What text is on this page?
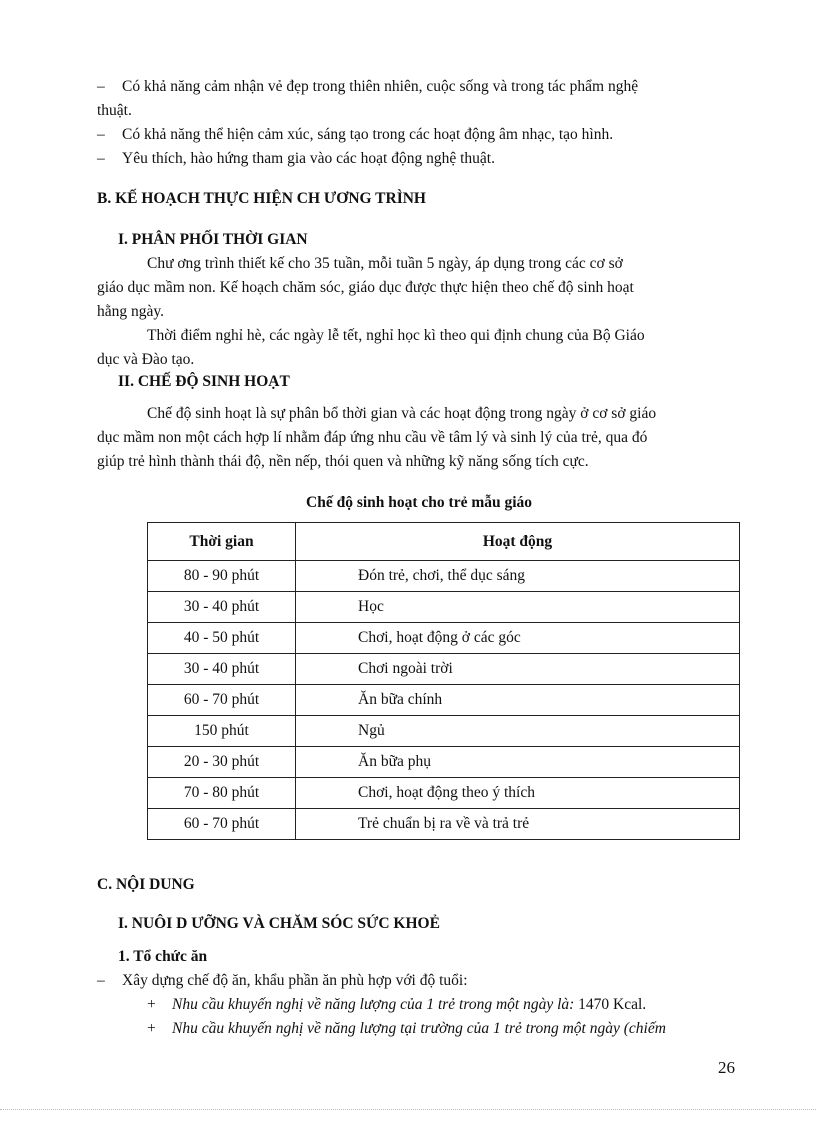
– Có khả năng cảm nhận vẻ đẹp trong thiên nhiên, cuộc sống và trong tác phẩm nghệ
thuật.
– Có khả năng thể hiện cảm xúc, sáng tạo trong các hoạt động âm nhạc, tạo hình.
– Yêu thích, hào hứng tham gia vào các hoạt động nghệ thuật.
B. KẾ HOẠCH THỰC HIỆN CH ƯƠNG TRÌNH
I. PHÂN PHỐI THỜI GIAN
Chư ơng trình thiết kế cho 35 tuần, mỗi tuần 5 ngày, áp dụng trong các cơ sở
giáo dục mầm non. Kế hoạch chăm sóc, giáo dục được thực hiện theo chế độ sinh hoạt
hằng ngày.
Thời điểm nghỉ hè, các ngày lễ tết, nghỉ học kì theo qui định chung của Bộ Giáo
dục và Đào tạo.
II. CHẾ ĐỘ SINH HOẠT
Chế độ sinh hoạt là sự phân bổ thời gian và các hoạt động trong ngày ở cơ sở giáo
dục mầm non một cách hợp lí nhằm đáp ứng nhu cầu về tâm lý và sinh lý của trẻ, qua đó
giúp trẻ hình thành thái độ, nền nếp, thói quen và những kỹ năng sống tích cực.
Chế độ sinh hoạt cho trẻ mẫu giáo
Thời gian	Hoạt động
80 - 90 phút	Đón trẻ, chơi, thể dục sáng
30 - 40 phút	Học
40 - 50 phút	Chơi, hoạt động ở các góc
30 - 40 phút	Chơi ngoài trời
60 - 70 phút	Ăn bữa chính
150 phút	Ngủ
20 - 30 phút	Ăn bữa phụ
70 - 80 phút	Chơi, hoạt động theo ý thích
60 - 70 phút	Trẻ chuẩn bị ra về và trả trẻ
C. NỘI DUNG
I. NUÔI D ƯỠNG VÀ CHĂM SÓC SỨC KHOẺ
1. Tổ chức ăn
– Xây dựng chế độ ăn, khẩu phần ăn phù hợp với độ tuổi:
+ Nhu cầu khuyến nghị về năng lượng của 1 trẻ trong một ngày là: 1470 Kcal.
+ Nhu cầu khuyến nghị về năng lượng tại trường của 1 trẻ trong một ngày (chiếm
26
